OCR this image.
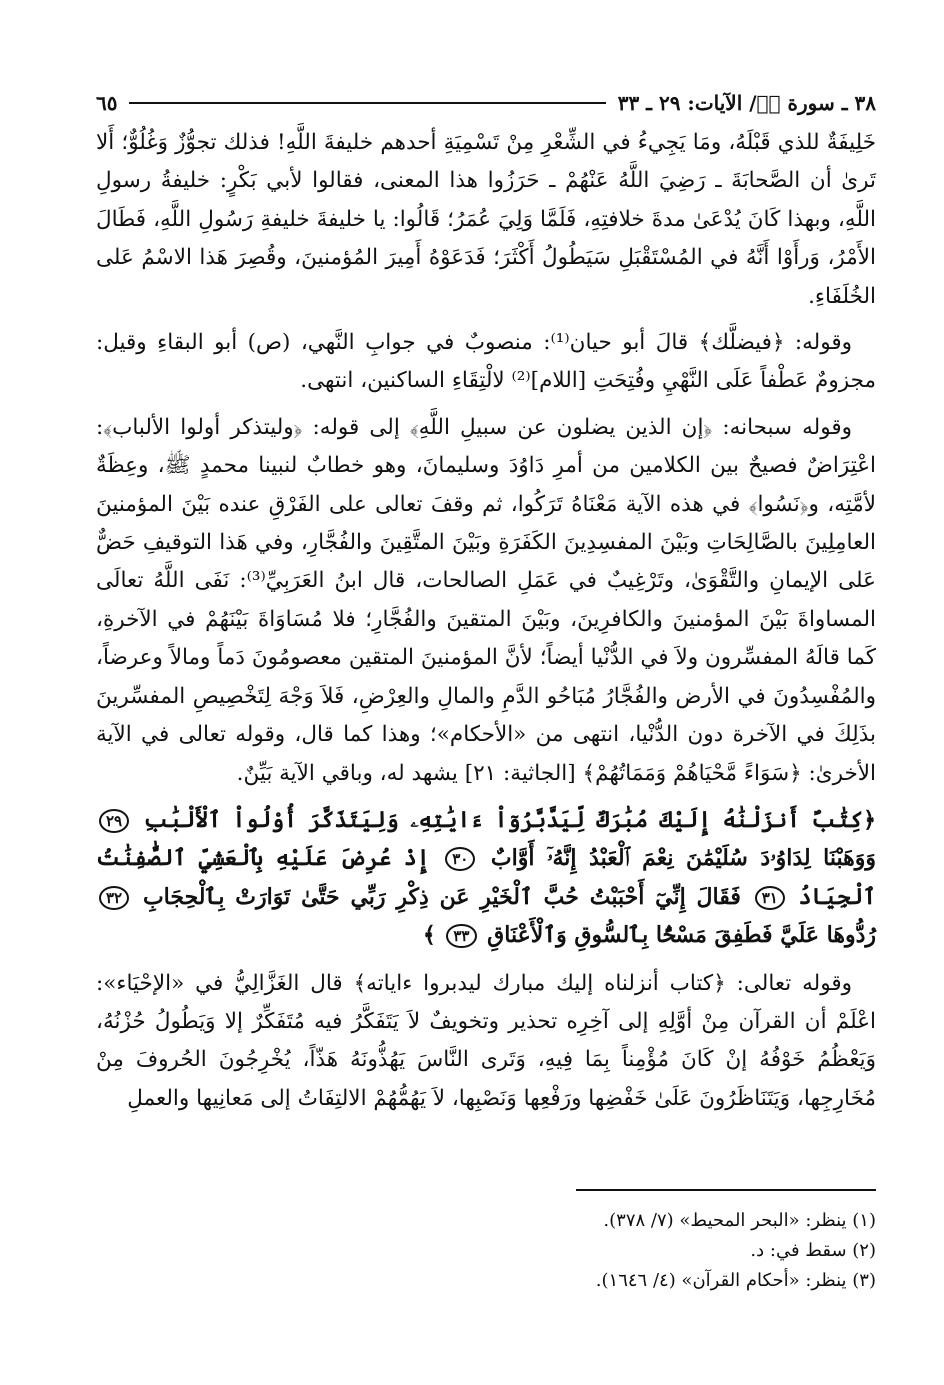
٣٨ ـ سورة صۤ/ الآيات: ٢٩ ـ ٣٣
٦٥

خَلِيفَةٌ للذي قَبْلَهُ، ومَا يَجِيءُ في الشِّعْرِ مِنْ تَسْمِيَةِ أحدهم خليفةَ اللَّهِ! فذلك تجوُّزٌ وَغُلُوٌّ؛ أَلا تَرىٰ أن الصَّحابَةَ ـ رَضِيَ اللَّهُ عَنْهُمْ ـ حَرَزُوا هذا المعنى، فقالوا لأبي بَكْرٍ: خليفةُ رسولِ اللَّهِ، وبهذا كَانَ يُدْعَىٰ مدةَ خلافتِهِ، فَلَمَّا وَلِيَ عُمَرُ؛ قَالُوا: يا خليفةَ خليفةِ رَسُولِ اللَّهِ، فَطَالَ الأَمْرُ، وَرأَوْا أَنَّهُ في المُسْتَقْبَلِ سَيَطُولُ أَكْثَرَ؛ فَدَعَوْهُ أَمِيرَ المُؤمنينَ، وقُصِرَ هَذا الاسْمُ عَلى الخُلَفَاءِ.

وقوله: ﴿فيضلَّك﴾ قالَ أبو حيان⁽¹⁾: منصوبٌ في جوابِ النَّهي، (ص) أبو البقاءِ وقيل: مجزومٌ عَطْفاً عَلَى النَّهْيِ وفُتِحَتِ [اللام]⁽²⁾ لالْتِقَاءِ الساكنين، انتهى.

وقوله سبحانه: ﴿إن الذين يضلون عن سبيلِ اللَّهِ﴾ إلى قوله: ﴿وليتذكر أولوا الألباب﴾: اعْتِرَاضٌ فصيحٌ بين الكلامين من أمرِ دَاوُدَ وسليمانَ، وهو خطابٌ لنبينا محمدٍ ﷺ، وعِظَةٌ لأمَّتِه، و﴿نَسُوا﴾ في هذه الآية مَعْنَاهُ تَرَكُوا، ثم وقفَ تعالى على الفَرْقِ عنده بَيْنَ المؤمنينَ العامِلِينَ بالصَّالِحَاتِ وبَيْنَ المفسِدِينَ الكَفَرَةِ وبَيْنَ المتَّقِينَ والفُجَّارِ، وفي هَذا التوقيفِ حَضٌّ عَلى الإيمانِ والتَّقْوَىٰ، وتَرْغِيبٌ في عَمَلِ الصالحات، قال ابنُ العَرَبِيِّ⁽³⁾: نَفَى اللَّهُ تعالَى المساواةَ بَيْنَ المؤمنينَ والكافرِينَ، وبَيْنَ المتقينَ والفُجَّارِ؛ فلا مُسَاوَاةَ بَيْنَهُمْ في الآخرةِ، كَما قالَهُ المفسِّرون ولاَ في الدُّنْيا أيضاً؛ لأنَّ المؤمنينَ المتقين معصومُونَ دَماً ومالاً وعرضاً، والمُفْسِدُونَ في الأرض والفُجَّارُ مُبَاحُو الدَّمِ والمالِ والعِرْضِ، فَلاَ وَجْهَ لِتَخْصِيصِ المفسِّرينَ بذَلِكَ في الآخرة دون الدُّنْيا، انتهى من «الأحكام»؛ وهذا كما قال، وقوله تعالى في الآية الأخرىٰ: ﴿سَوَاءً مَّحْيَاهُمْ وَمَمَاتُهُمْ﴾ [الجاثية: ٢١] يشهد له، وباقي الآية بَيِّنٌ.

﴿كِتَٰبٌ أَنزَلْنَٰهُ إِلَيْكَ مُبَٰرَكٌ لِّيَدَّبَّرُوٓاْ ءَايَٰتِهِۦ وَلِيَتَذَكَّرَ أُوْلُواْ ٱلْأَلْبَٰبِ ٢٩ وَوَهَبْنَا لِدَاوُۥدَ سُلَيْمَٰنَ نِعْمَ ٱلْعَبْدُ إِنَّهُۥٓ أَوَّابٌ ٣٠ إِذْ عُرِضَ عَلَيْهِ بِٱلْعَشِيِّ ٱلصَّٰفِنَٰتُ ٱلْجِيَادُ ٣١ فَقَالَ إِنِّيٓ أَحْبَبْتُ حُبَّ ٱلْخَيْرِ عَن ذِكْرِ رَبِّي حَتَّىٰ تَوَارَتْ بِٱلْحِجَابِ ٣٢ رُدُّوهَا عَلَيَّ فَطَفِقَ مَسْحًۢا بِٱلسُّوقِ وَٱلْأَعْنَاقِ ٣٣ ﴾

وقوله تعالى: ﴿كتاب أنزلناه إليك مبارك ليدبروا ءاياته﴾ قال الغَزَّالِيُّ في «الإحْيَاء»: اعْلَمْ أن القرآن مِنْ أوَّلِهِ إلى آخِرِه تحذير وتخويفٌ لاَ يَتَفَكَّرُ فيه مُتَفَكِّرٌ إلا وَيَطُولُ حُزْنُهُ، وَيَعْظُمُ خَوْفُهُ إنْ كَانَ مُؤْمِناً بِمَا فِيهِ، وَتَرى النَّاسَ يَهُذُّونَهُ هَذّاً، يُخْرِجُونَ الحُروفَ مِنْ مُخَارِجِها، وَيَتَنَاظَرُونَ عَلَىٰ خَفْضِها ورَفْعِها وَنَصْبِها، لاَ يَهُمُّهُمْ الالتِفَاتُ إلى مَعانِيها والعملِ

(١) ينظر: «البحر المحيط» (٧/ ٣٧٨).
(٢) سقط في: د.
(٣) ينظر: «أحكام القرآن» (٤/ ١٦٤٦).
